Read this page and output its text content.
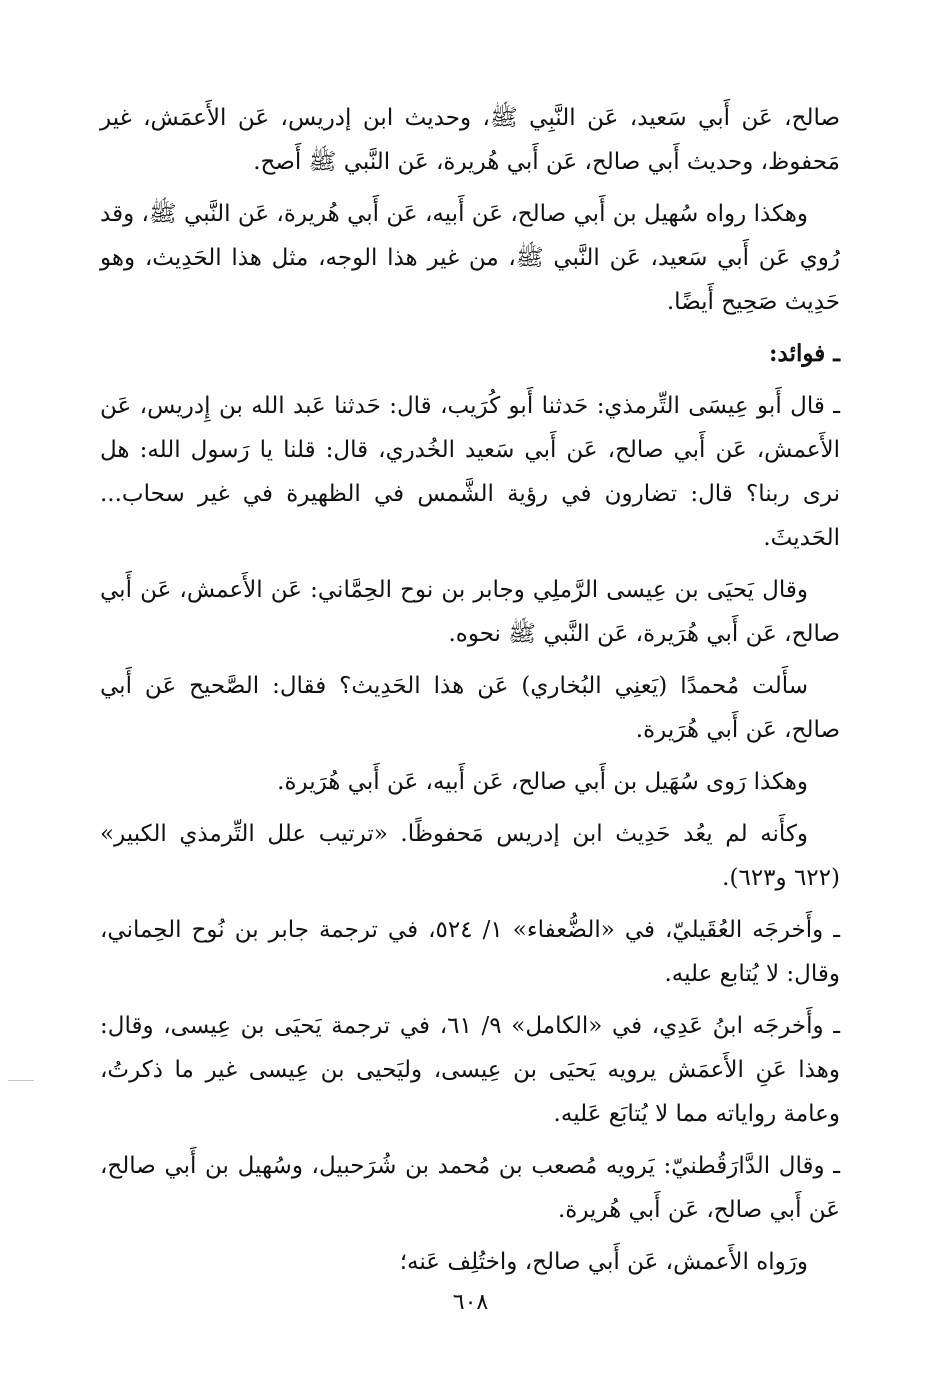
صالح، عَن أَبي سَعيد، عَن النَّبِي ﷺ، وحديث ابن إدريس، عَن الأَعمَش، غير مَحفوظ، وحديث أَبي صالح، عَن أَبي هُريرة، عَن النَّبي ﷺ أَصح.

وهكذا رواه سُهيل بن أَبي صالح، عَن أَبيه، عَن أَبي هُريرة، عَن النَّبي ﷺ، وقد رُوي عَن أَبي سَعيد، عَن النَّبي ﷺ، من غير هذا الوجه، مثل هذا الحَدِيث، وهو حَدِيث صَحِيح أَيضًا.

ـ فوائد:

ـ قال أَبو عِيسَى التِّرمذي: حَدثنا أَبو كُرَيب، قال: حَدثنا عَبد الله بن إِدريس، عَن الأَعمش، عَن أَبي صالح، عَن أَبي سَعيد الخُدري، قال: قلنا يا رَسول الله: هل نرى ربنا؟ قال: تضارون في رؤية الشَّمس في الظهيرة في غير سحاب... الحَديثَ.

وقال يَحيَى بن عِيسى الرَّملِي وجابر بن نوح الحِمَّاني: عَن الأَعمش، عَن أَبي صالح، عَن أَبي هُرَيرة، عَن النَّبي ﷺ نحوه.

سأَلت مُحمدًا (يَعنِي البُخاري) عَن هذا الحَدِيث؟ فقال: الصَّحيح عَن أَبي صالح، عَن أَبي هُرَيرة.

وهكذا رَوى سُهَيل بن أَبي صالح، عَن أَبيه، عَن أَبي هُرَيرة.

وكأَنه لم يعُد حَدِيث ابن إدريس مَحفوظًا. «ترتيب علل التِّرمذي الكبير» (٦٢٢ و٦٢٣).

ـ وأَخرجَه العُقَيليّ، في «الضُّعفاء» ١/ ٥٢٤، في ترجمة جابر بن نُوح الحِماني، وقال: لا يُتابع عليه.

ـ وأَخرجَه ابنُ عَدِي، في «الكامل» ٩/ ٦١، في ترجمة يَحيَى بن عِيسى، وقال: وهذا عَنِ الأَعمَش يرويه يَحيَى بن عِيسى، وليَحيى بن عِيسى غير ما ذكرتُ، وعامة رواياته مما لا يُتابَع عَليه.

ـ وقال الدَّارَقُطنيّ: يَرويه مُصعب بن مُحمد بن شُرَحبيل، وسُهيل بن أَبي صالح، عَن أَبي صالح، عَن أَبي هُريرة.

ورَواه الأَعمش، عَن أَبي صالح، واختُلِف عَنه؛

٦٠٨
